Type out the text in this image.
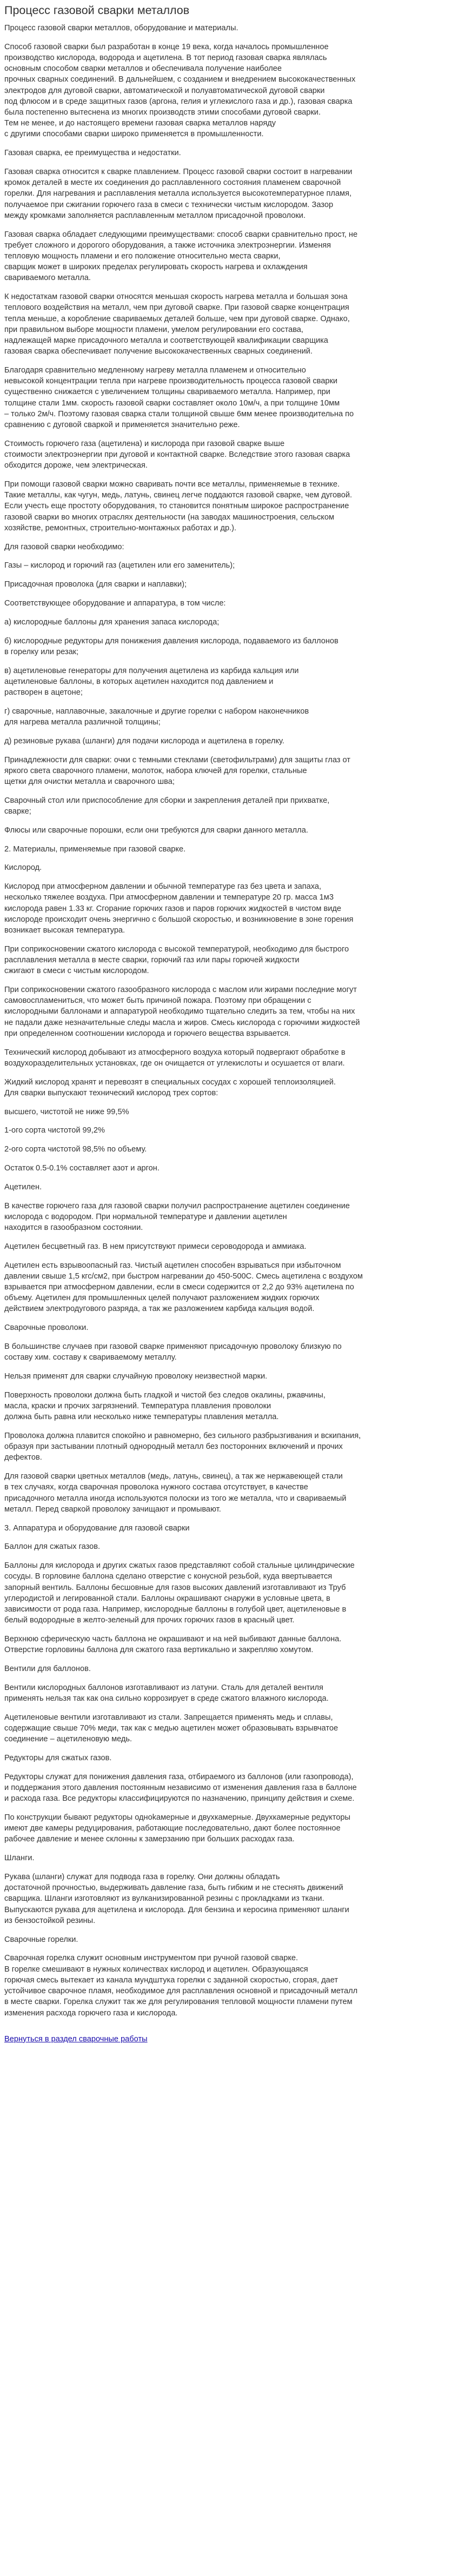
Процесс газовой сварки металлов
Процесс газовой сварки металлов, оборудование и материалы.
Способ газовой сварки был разработан в конце 19 века, когда началось промышленное
производство кислорода, водорода и ацетилена. В тот период газовая сварка являлась
основным способом сварки металлов и обеспечивала получение наиболее
прочных сварных соединений. В дальнейшем, с созданием и внедрением высококачественных
электродов для дуговой сварки, автоматической и полуавтоматической дуговой сварки
под флюсом и в среде защитных газов (аргона, гелия и углекислого газа и др.), газовая сварка
была постепенно вытеснена из многих производств этими способами дуговой сварки.
Тем не менее, и до настоящего времени газовая сварка металлов наряду
с другими способами сварки широко применяется в промышленности.
Газовая сварка, ее преимущества и недостатки.
Газовая сварка относится к сварке плавлением. Процесс газовой сварки состоит в нагревании
кромок деталей в месте их соединения до расплавленного состояния пламенем сварочной
горелки. Для нагревания и расплавления металла используется высокотемпературное пламя,
получаемое при сжигании горючего газа в смеси с технически чистым кислородом. Зазор
между кромками заполняется расплавленным металлом присадочной проволоки.
Газовая сварка обладает следующими преимуществами: способ сварки сравнительно прост, не
требует сложного и дорогого оборудования, а также источника электроэнергии. Изменяя
тепловую мощность пламени и его положение относительно места сварки,
сварщик может в широких пределах регулировать скорость нагрева и охлаждения
свариваемого металла.
К недостаткам газовой сварки относятся меньшая скорость нагрева металла и большая зона
теплового воздействия на металл, чем при дуговой сварке. При газовой сварке концентрация
тепла меньше, а коробление свариваемых деталей больше, чем при дуговой сварке. Однако,
при правильном выборе мощности пламени, умелом регулировании его состава,
надлежащей марке присадочного металла и соответствующей квалификации сварщика
газовая сварка обеспечивает получение высококачественных сварных соединений.
Благодаря сравнительно медленному нагреву металла пламенем и относительно
невысокой концентрации тепла при нагреве производительность процесса газовой сварки
существенно снижается с увеличением толщины свариваемого металла. Например, при
толщине стали 1мм. скорость газовой сварки составляет около 10м/ч, а при толщине 10мм
– только 2м/ч. Поэтому газовая сварка стали толщиной свыше 6мм менее производительна по
сравнению с дуговой сваркой и применяется значительно реже.
Стоимость горючего газа (ацетилена) и кислорода при газовой сварке выше
стоимости электроэнергии при дуговой и контактной сварке. Вследствие этого газовая сварка
обходится дороже, чем электрическая.
При помощи газовой сварки можно сваривать почти все металлы, применяемые в технике.
Такие металлы, как чугун, медь, латунь, свинец легче поддаются газовой сварке, чем дуговой.
Если учесть еще простоту оборудования, то становится понятным широкое распространение
газовой сварки во многих отраслях деятельности (на заводах машиностроения, сельском
хозяйстве, ремонтных, строительно-монтажных работах и др.).
Для газовой сварки необходимо:
Газы – кислород и горючий газ (ацетилен или его заменитель);
Присадочная проволока (для сварки и наплавки);
Соответствующее оборудование и аппаратура, в том числе:
а) кислородные баллоны для хранения запаса кислорода;
б) кислородные редукторы для понижения давления кислорода, подаваемого из баллонов
в горелку или резак;
в) ацетиленовые генераторы для получения ацетилена из карбида кальция или
ацетиленовые баллоны, в которых ацетилен находится под давлением и
растворен в ацетоне;
г) сварочные, наплавочные, закалочные и другие горелки с набором наконечников
для нагрева металла различной толщины;
д) резиновые рукава (шланги) для подачи кислорода и ацетилена в горелку.
Принадлежности для сварки: очки с темными стеклами (светофильтрами) для защиты глаз от
яркого света сварочного пламени, молоток, набора ключей для горелки, стальные
щетки для очистки металла и сварочного шва;
Сварочный стол или приспособление для сборки и закрепления деталей при прихватке,
сварке;
Флюсы или сварочные порошки, если они требуются для сварки данного металла.
2. Материалы, применяемые при газовой сварке.
Кислород.
Кислород при атмосферном давлении и обычной температуре газ без цвета и запаха,
несколько тяжелее воздуха. При атмосферном давлении и температуре 20 гр. масса 1м3
кислорода равен 1.33 кг. Сгорание горючих газов и паров горючих жидкостей в чистом виде
кислороде происходит очень энергично с большой скоростью, и возникновение в зоне горения
возникает высокая температура.
При соприкосновении сжатого кислорода с высокой температурой, необходимо для быстрого
расплавления металла в месте сварки, горючий газ или пары горючей жидкости
сжигают в смеси с чистым кислородом.
При соприкосновении сжатого газообразного кислорода с маслом или жирами последние могут
самовоспламениться, что может быть причиной пожара. Поэтому при обращении с
кислородными баллонами и аппаратурой необходимо тщательно следить за тем, чтобы на них
не падали даже незначительные следы масла и жиров. Смесь кислорода с горючими жидкостей
при определенном соотношении кислорода и горючего вещества взрывается.
Технический кислород добывают из атмосферного воздуха который подвергают обработке в
воздухоразделительных установках, где он очищается от углекислоты и осушается от влаги.
Жидкий кислород хранят и перевозят в специальных сосудах с хорошей теплоизоляцией.
Для сварки выпускают технический кислород трех сортов:
высшего, чистотой не ниже 99,5%
1-ого сорта чистотой 99,2%
2-ого сорта чистотой 98,5% по объему.
Остаток 0.5-0.1% составляет азот и аргон.
Ацетилен.
В качестве горючего газа для газовой сварки получил распространение ацетилен соединение
кислорода с водородом. При нормальной температуре и давлении ацетилен
находится в газообразном состоянии.
Ацетилен бесцветный газ. В нем присутствуют примеси сероводорода и аммиака.
Ацетилен есть взрывоопасный газ. Чистый ацетилен способен взрываться при избыточном
давлении свыше 1,5 кгс/см2, при быстром нагревании до 450-500С. Смесь ацетилена с воздухом
взрывается при атмосферном давлении, если в смеси содержится от 2,2 до 93% ацетилена по
объему. Ацетилен для промышленных целей получают разложением жидких горючих
действием электродугового разряда, а так же разложением карбида кальция водой.
Сварочные проволоки.
В большинстве случаев при газовой сварке применяют присадочную проволоку близкую по
составу хим. составу к свариваемому металлу.
Нельзя применят для сварки случайную проволоку неизвестной марки.
Поверхность проволоки должна быть гладкой и чистой без следов окалины, ржавчины,
масла, краски и прочих загрязнений. Температура плавления проволоки
должна быть равна или несколько ниже температуры плавления металла.
Проволока должна плавится спокойно и равномерно, без сильного разбрызгивания и вскипания,
образуя при застывании плотный однородный металл без посторонних включений и прочих
дефектов.
Для газовой сварки цветных металлов (медь, латунь, свинец), а так же нержавеющей стали
в тех случаях, когда сварочная проволока нужного состава отсутствует, в качестве
присадочного металла иногда используются полоски из того же металла, что и свариваемый
металл. Перед сваркой проволоку зачищают и промывают.
3. Аппаратура и оборудование для газовой сварки
Баллон для сжатых газов.
Баллоны для кислорода и других сжатых газов представляют собой стальные цилиндрические
сосуды. В горловине баллона сделано отверстие с конусной резьбой, куда ввертывается
запорный вентиль. Баллоны бесшовные для газов высоких давлений изготавливают из Труб
углеродистой и легированной стали. Баллоны окрашивают снаружи в условные цвета, в
зависимости от рода газа. Например, кислородные баллоны в голубой цвет, ацетиленовые в
белый водородные в желто-зеленый для прочих горючих газов в красный цвет.
Верхнюю сферическую часть баллона не окрашивают и на ней выбивают данные баллона.
Отверстие горловины баллона для сжатого газа вертикально и закрепляю хомутом.
Вентили для баллонов.
Вентили кислородных баллонов изготавливают из латуни. Сталь для деталей вентиля
применять нельзя так как она сильно коррозирует в среде сжатого влажного кислорода.
Ацетиленовые вентили изготавливают из стали. Запрещается применять медь и сплавы,
содержащие свыше 70% меди, так как с медью ацетилен может образовывать взрывчатое
соединение – ацетиленовую медь.
Редукторы для сжатых газов.
Редукторы служат для понижения давления газа, отбираемого из баллонов (или газопровода),
и поддержания этого давления постоянным независимо от изменения давления газа в баллоне
и расхода газа. Все редукторы классифицируются по назначению, принципу действия и схеме.
По конструкции бывают редукторы одноkамерные и двухкамерные. Двухкамерные редукторы
имеют две камеры редуцирования, работающие последовательно, дают более постоянное
рабочее давление и менее склонны к замерзанию при больших расходах газа.
Шланги.
Рукава (шланги) служат для подвода газа в горелку. Они должны обладать
достаточной прочностью, выдерживать давление газа, быть гибким и не стеснять движений
сварщика. Шланги изготовляют из вулканизированной резины с прокладками из ткани.
Выпускаются рукава для ацетилена и кислорода. Для бензина и керосина применяют шланги
из бензостойкой резины.
Сварочные горелки.
Сварочная горелка служит основным инструментом при ручной газовой сварке.
В горелке смешивают в нужных количествах кислород и ацетилен. Образующаяся
горючая смесь вытекает из канала мундштука горелки с заданной скоростью, сгорая, дает
устойчивое сварочное пламя, необходимое для расплавления основной и присадочный металл
в месте сварки. Горелка служит так же для регулирования тепловой мощности пламени путем
изменения расхода горючего газа и кислорода.
Вернуться в раздел сварочные работы
